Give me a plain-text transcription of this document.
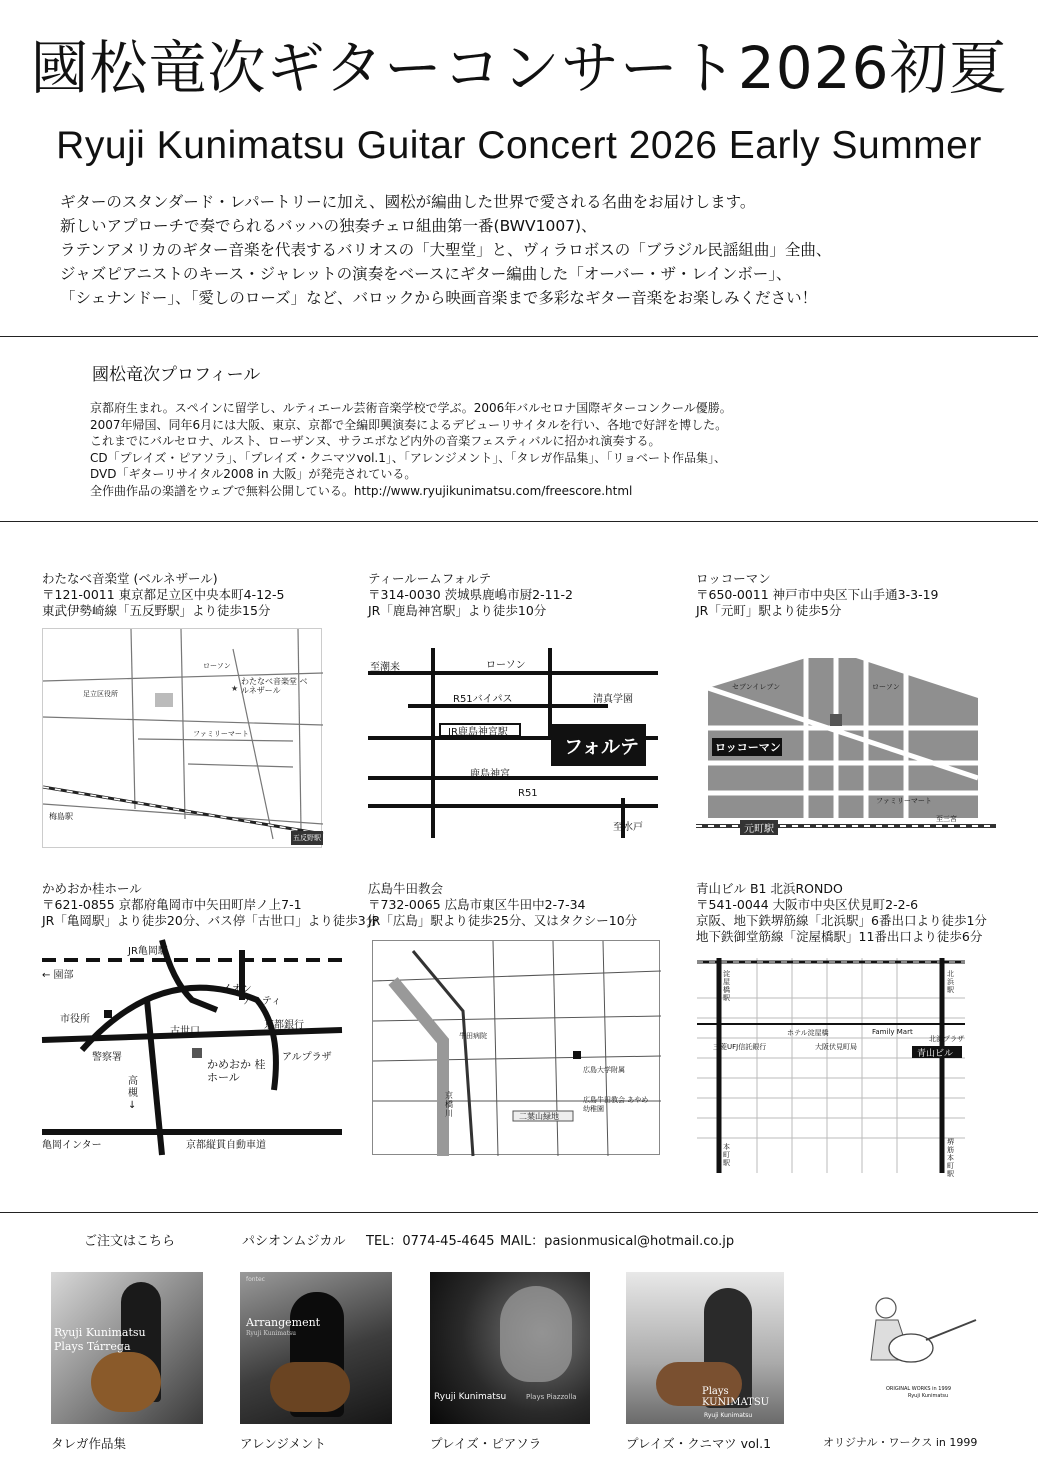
國松竜次ギターコンサート2026初夏
Ryuji Kunimatsu Guitar Concert 2026 Early Summer
ギターのスタンダード・レパートリーに加え、國松が編曲した世界で愛される名曲をお届けします。
新しいアプローチで奏でられるバッハの独奏チェロ組曲第一番(BWV1007)、
ラテンアメリカのギター音楽を代表するバリオスの「大聖堂」と、ヴィラロボスの「ブラジル民謡組曲」全曲、
ジャズピアニストのキース・ジャレットの演奏をベースにギター編曲した「オーバー・ザ・レインボー」、
「シェナンドー」、「愛しのローズ」など、バロックから映画音楽まで多彩なギター音楽をお楽しみください！
國松竜次プロフィール
京都府生まれ。スペインに留学し、ルティエール芸術音楽学校で学ぶ。2006年バルセロナ国際ギターコンクール優勝。
2007年帰国、同年6月には大阪、東京、京都で全編即興演奏によるデビューリサイタルを行い、各地で好評を博した。
これまでにバルセロナ、ルスト、ローザンヌ、サラエボなど内外の音楽フェスティバルに招かれ演奏する。
CD「プレイズ・ピアソラ」、「プレイズ・クニマツvol.1」、「アレンジメント」、「タレガ作品集」、「リョベート作品集」、
DVD「ギターリサイタル2008 in 大阪」が発売されている。
全作曲作品の楽譜をウェブで無料公開している。http://www.ryujikunimatsu.com/freescore.html
わたなべ音楽堂 (ベルネザール)
〒121-0011 東京都足立区中央本町4-12-5
東武伊勢崎線「五反野駅」より徒歩15分
★
わたなべ音楽堂 ベルネザール
ローソン
ファミリーマート
足立区役所
梅島駅
五反野駅
ティールームフォルテ
〒314-0030 茨城県鹿嶋市厨2-11-2
JR「鹿島神宮駅」より徒歩10分
フォルテ
JR鹿島神宮駅
R51バイパス
R51
ローソン
鹿島神宮
至潮来
至水戸
清真学園
ロッコーマン
〒650-0011 神戸市中央区下山手通3-3-19
JR「元町」駅より徒歩5分
ロッコーマン
元町駅
セブンイレブン	ローソン
ファミリーマート
至三宮
かめおか桂ホール
〒621-0855 京都府亀岡市中矢田町岸ノ上7-1
JR「亀岡駅」より徒歩20分、バス停「古世口」より徒歩3分
JR亀岡駅
かめおか 桂ホール
イオン
アミティ
京都銀行
アルプラザ
市役所
警察署
古世口
亀岡インター	京都縦貫自動車道
← 園部
高槻 ↓
広島牛田教会
〒732-0065 広島市東区牛田中2-7-34
JR「広島」駅より徒歩25分、又はタクシー10分
広島牛田教会 あやめ幼稚園
二葉山緑地
京橋川
広島大学附属
牛田病院
青山ビル B1 北浜RONDO
〒541-0044 大阪市中央区伏見町2-2-6
京阪、地下鉄堺筋線「北浜駅」6番出口より徒歩1分
地下鉄御堂筋線「淀屋橋駅」11番出口より徒歩6分
青山ビル
淀屋橋駅
北浜駅
本町駅
堺筋本町駅
ホテル淀屋橋
大阪伏見町局
Family Mart
三菱UFJ信託銀行
北浜プラザ
ご注文はこちら	パシオンムジカル TEL：0774-45-4645 MAIL：pasionmusical@hotmail.co.jp
Ryuji Kunimatsu
Plays Tárrega
タレガ作品集
fontec
Arrangement
Ryuji Kunimatsu
アレンジメント
Ryuji Kunimatsu	Plays Piazzolla
プレイズ・ピアソラ
Plays KUNIMATSU
Ryuji Kunimatsu
プレイズ・クニマツ vol.1
ORIGINAL WORKS in 1999
Ryuji Kunimatsu
オリジナル・ワークス in 1999
